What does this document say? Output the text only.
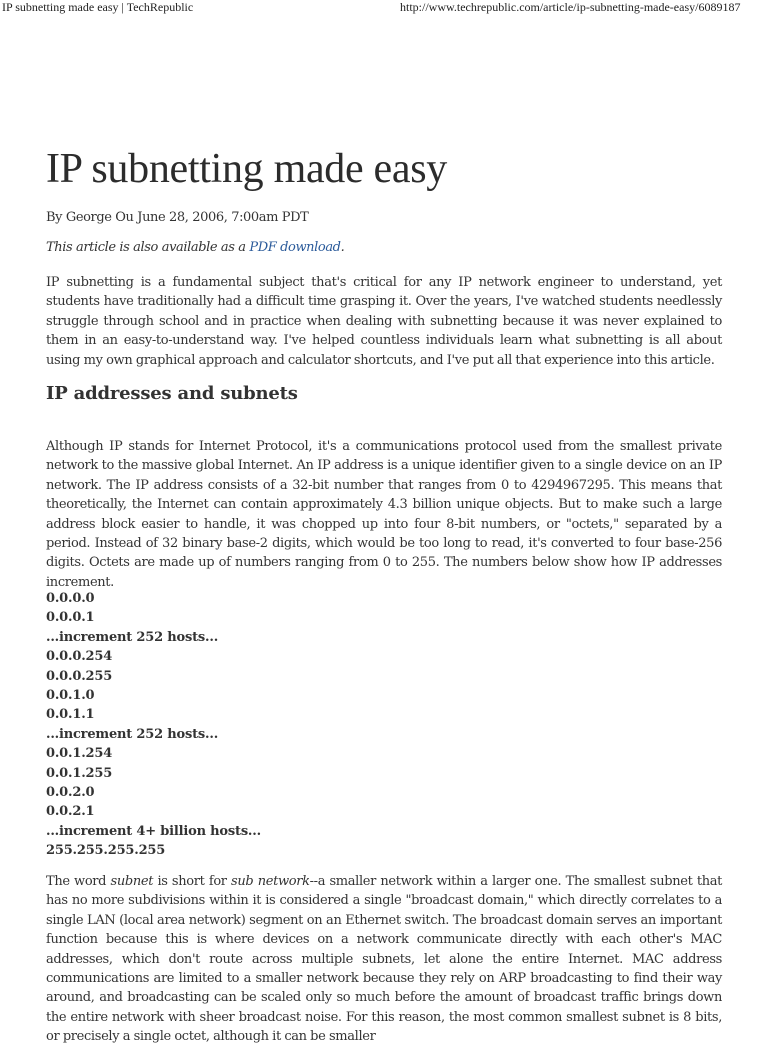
IP subnetting made easy | TechRepublic	http://www.techrepublic.com/article/ip-subnetting-made-easy/6089187
IP subnetting made easy
By George Ou June 28, 2006, 7:00am PDT
This article is also available as a PDF download.

IP subnetting is a fundamental subject that's critical for any IP network engineer to understand, yet students have traditionally had a difficult time grasping it. Over the years, I've watched students needlessly struggle through school and in practice when dealing with subnetting because it was never explained to them in an easy-to-understand way. I've helped countless individuals learn what subnetting is all about using my own graphical approach and calculator shortcuts, and I've put all that experience into this article.

IP addresses and subnets

Although IP stands for Internet Protocol, it's a communications protocol used from the smallest private network to the massive global Internet. An IP address is a unique identifier given to a single device on an IP network. The IP address consists of a 32-bit number that ranges from 0 to 4294967295. This means that theoretically, the Internet can contain approximately 4.3 billion unique objects. But to make such a large address block easier to handle, it was chopped up into four 8-bit numbers, or "octets," separated by a period. Instead of 32 binary base-2 digits, which would be too long to read, it's converted to four base-256 digits. Octets are made up of numbers ranging from 0 to 255. The numbers below show how IP addresses increment.

0.0.0.0
0.0.0.1
...increment 252 hosts...
0.0.0.254
0.0.0.255
0.0.1.0
0.0.1.1
...increment 252 hosts...
0.0.1.254
0.0.1.255
0.0.2.0
0.0.2.1
...increment 4+ billion hosts...
255.255.255.255

The word subnet is short for sub network--a smaller network within a larger one. The smallest subnet that has no more subdivisions within it is considered a single "broadcast domain," which directly correlates to a single LAN (local area network) segment on an Ethernet switch. The broadcast domain serves an important function because this is where devices on a network communicate directly with each other's MAC addresses, which don't route across multiple subnets, let alone the entire Internet. MAC address communications are limited to a smaller network because they rely on ARP broadcasting to find their way around, and broadcasting can be scaled only so much before the amount of broadcast traffic brings down the entire network with sheer broadcast noise. For this reason, the most common smallest subnet is 8 bits, or precisely a single octet, although it can be smaller
